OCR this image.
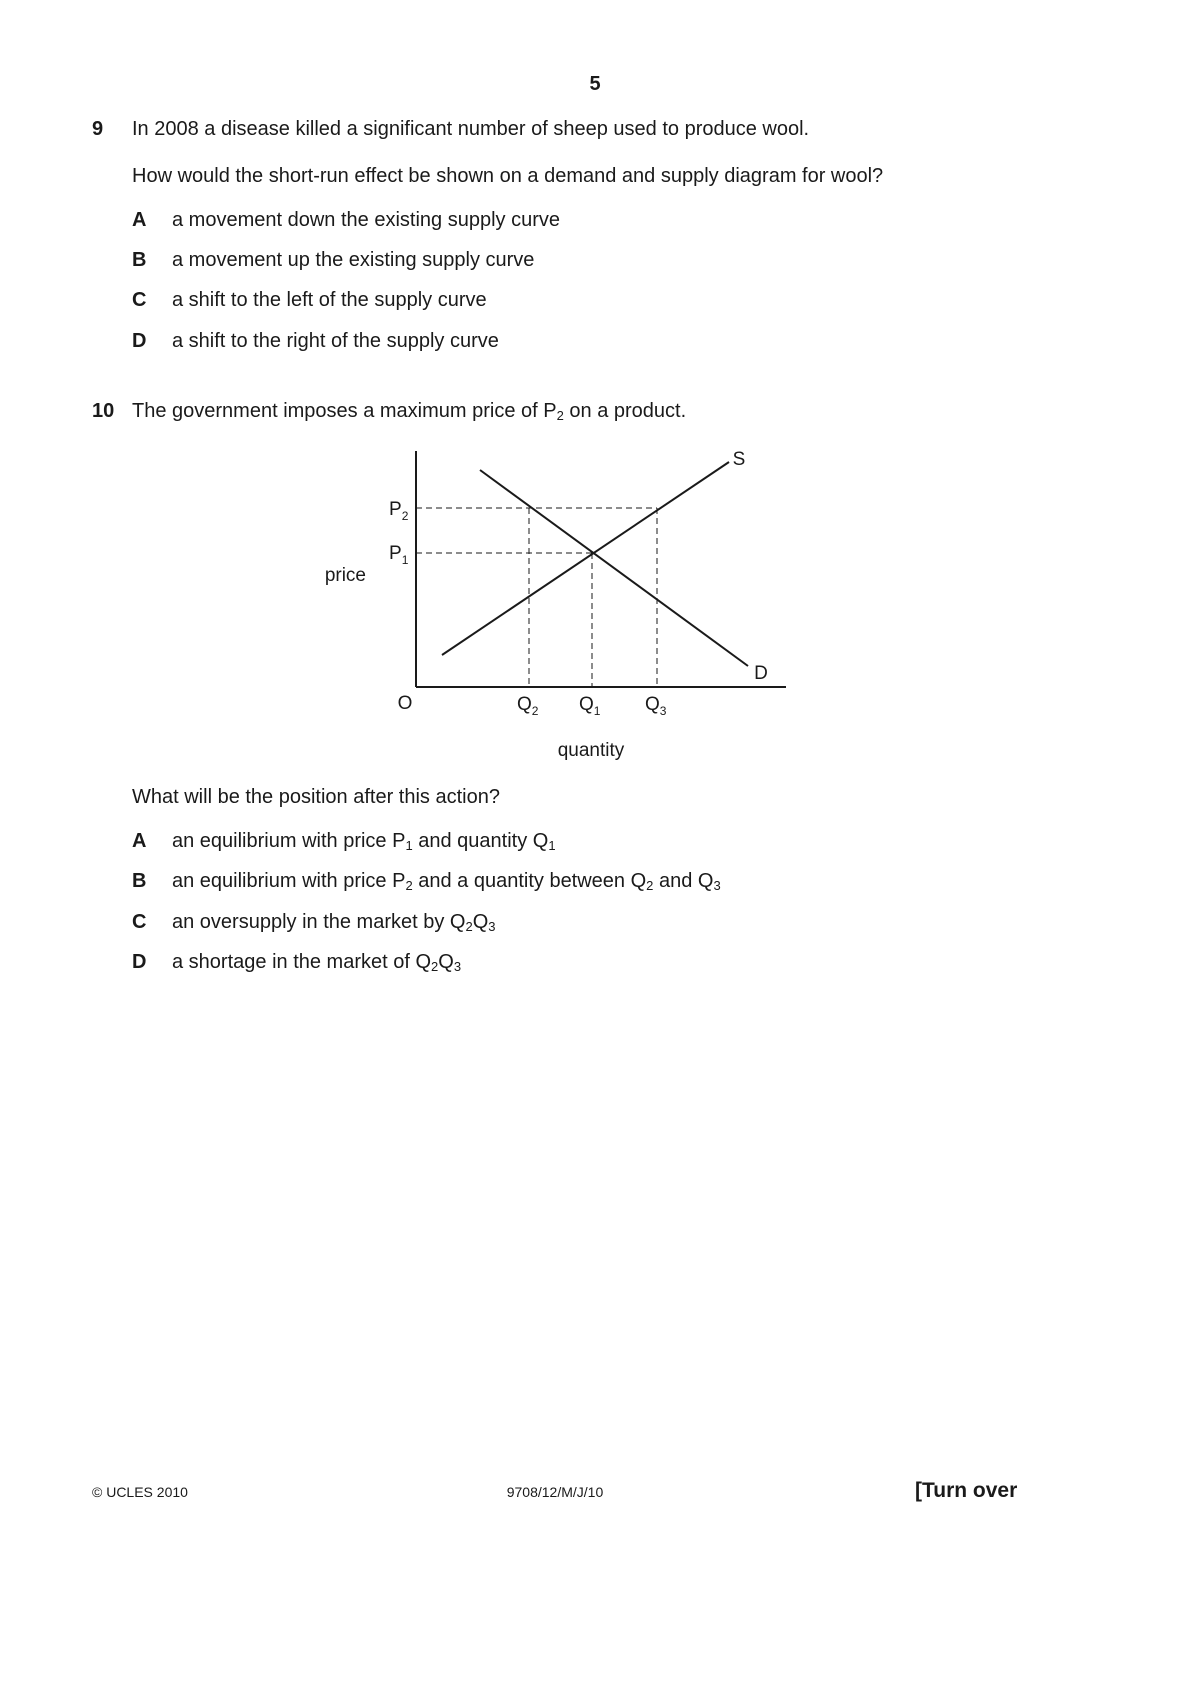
5
9 In 2008 a disease killed a significant number of sheep used to produce wool.
How would the short-run effect be shown on a demand and supply diagram for wool?
A a movement down the existing supply curve
B a movement up the existing supply curve
C a shift to the left of the supply curve
D a shift to the right of the supply curve
10 The government imposes a maximum price of $P_2$ on a product.
S
D
O
price
quantity
$P_2$
$P_1$
$Q_2$ $Q_1$ $Q_3$
What will be the position after this action?
A an equilibrium with price $P_1$ and quantity $Q_1$
B an equilibrium with price $P_2$ and a quantity between $Q_2$ and $Q_3$
C an oversupply in the market by $Q_2Q_3$
D a shortage in the market of $Q_2Q_3$
© UCLES 2010	9708/12/M/J/10	[Turn over
